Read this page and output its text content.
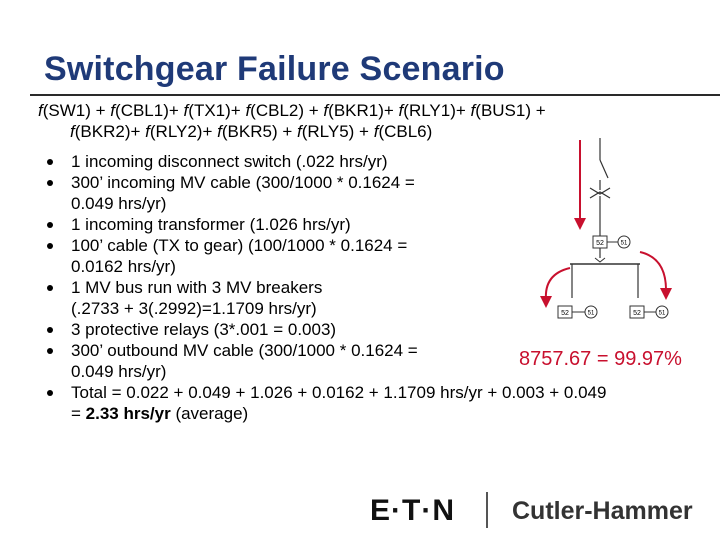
Switchgear Failure Scenario
f(SW1) + f(CBL1)+ f(TX1)+ f(CBL2) + f(BKR1)+ f(RLY1)+ f(BUS1) +
f(BKR2)+ f(RLY2)+ f(BKR5) + f(RLY5) + f(CBL6)
1 incoming disconnect switch (.022 hrs/yr)
300’ incoming MV cable (300/1000 * 0.1624 =
0.049 hrs/yr)
1 incoming transformer (1.026 hrs/yr)
100’ cable (TX to gear) (100/1000 * 0.1624 =
0.0162 hrs/yr)
1 MV bus run with 3 MV breakers
(.2733 + 3(.2992)=1.1709 hrs/yr)
3 protective relays (3*.001 = 0.003)
300’ outbound MV cable (300/1000 * 0.1624 =
0.049 hrs/yr)
Total = 0.022 + 0.049 + 1.026 + 0.0162 + 1.1709 hrs/yr + 0.003 + 0.049
= 2.33 hrs/yr (average)
8757.67 = 99.97%
52	51
52	51	52	51
E·T·N Cutler-Hammer
